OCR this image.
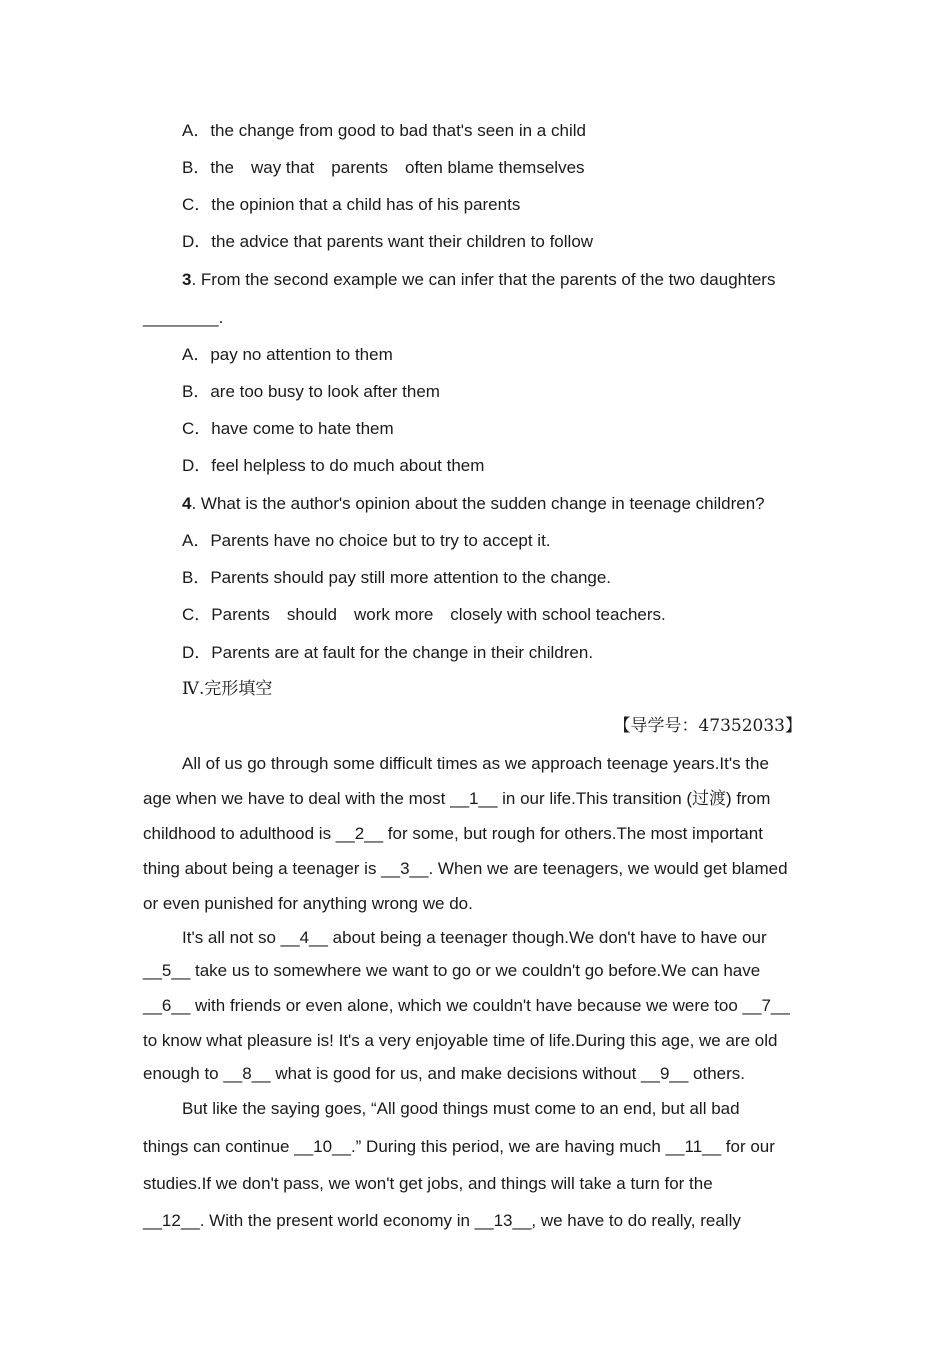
A．the change from good to bad that's seen in a child
B．the　way that　parents　often blame themselves
C．the opinion that a child has of his parents
D．the advice that parents want their children to follow
3. From the second example we can infer that the parents of the two daughters
________.
A．pay no attention to them
B．are too busy to look after them
C．have come to hate them
D．feel helpless to do much about them
4. What is the author's opinion about the sudden change in teenage children?
A．Parents have no choice but to try to accept it.
B．Parents should pay still more attention to the change.
C．Parents　should　work more　closely with school teachers.
D．Parents are at fault for the change in their children.
Ⅳ.完形填空
【导学号：47352033】
All of us go through some difficult times as we approach teenage years.It's the
age when we have to deal with the most __1__ in our life.This transition (过渡) from
childhood to adulthood is __2__ for some, but rough for others.The most important
thing about being a teenager is __3__. When we are teenagers, we would get blamed
or even punished for anything wrong we do.
It's all not so __4__ about being a teenager though.We don't have to have our
__5__ take us to somewhere we want to go or we couldn't go before.We can have
__6__ with friends or even alone, which we couldn't have because we were too __7__
to know what pleasure is! It's a very enjoyable time of life.During this age, we are old
enough to __8__ what is good for us, and make decisions without __9__ others.
But like the saying goes, “All good things must come to an end, but all bad
things can continue __10__.” During this period, we are having much __11__ for our
studies.If we don't pass, we won't get jobs, and things will take a turn for the
__12__. With the present world economy in __13__, we have to do really, really
